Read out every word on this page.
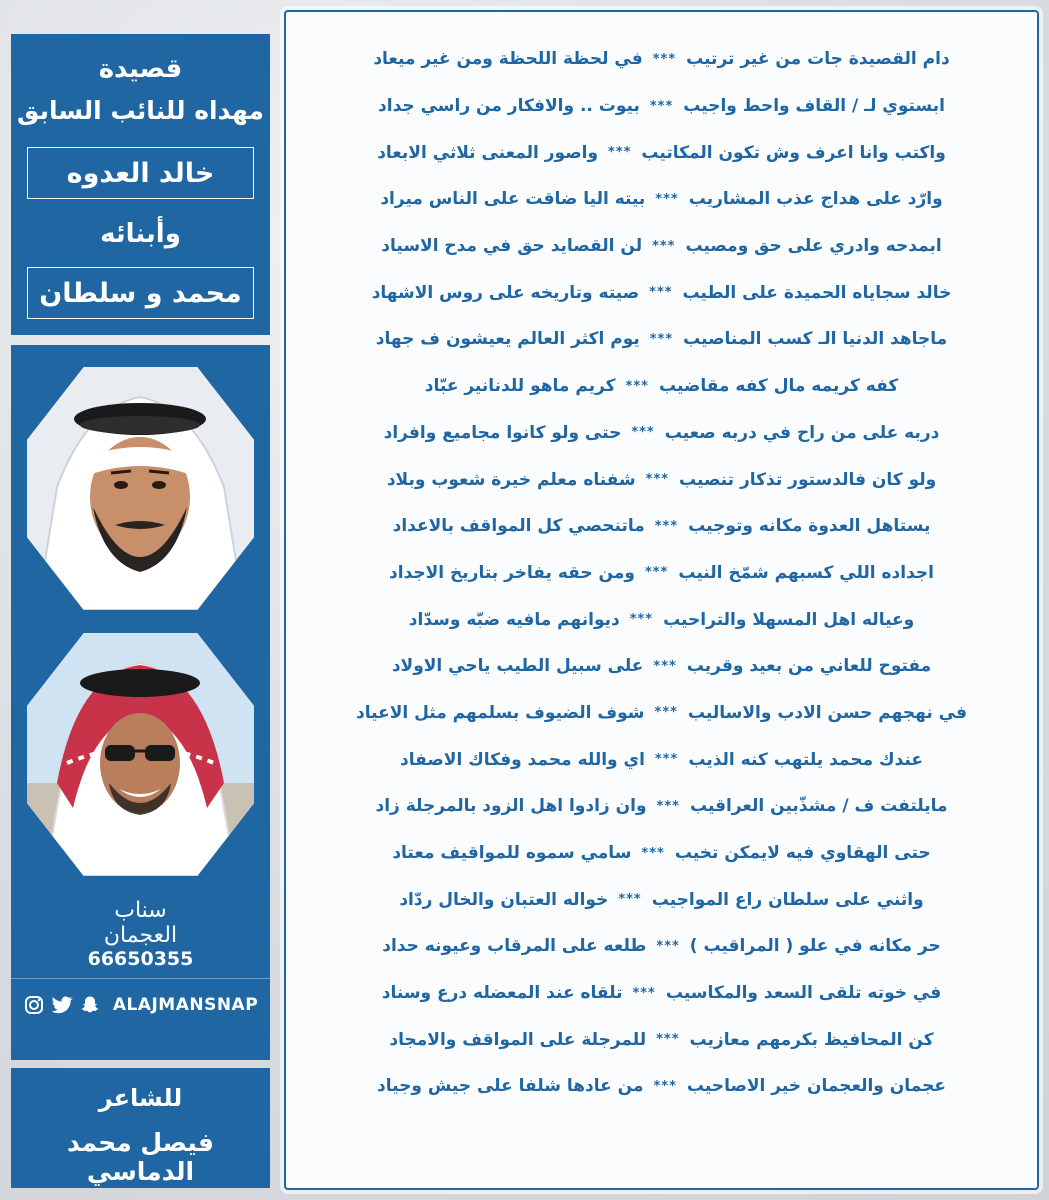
قصيدة
مهداه للنائب السابق
خالد العدوه
وأبنائه
محمد و سلطان
سناب
العجمان
66650355
ALAJMANSNAP
للشاعر
فيصل محمد الدماسي
دام القصيدة جات من غير ترتيب
***
في لحظة اللحظة ومن غير ميعاد
ابستوي لـ / القاف واحط واجيب
***
بيوت .. والافكار من راسي جداد
واكتب وانا اعرف وش تكون المكاتيب
***
واصور المعنى ثلاثي الابعاد
وارّد على هداج عذب المشاريب
***
بيته اليا ضاقت على الناس ميراد
ابمدحه وادري على حق ومصيب
***
لن القصايد حق في مدح الاسياد
خالد سجاياه الحميدة على الطيب
***
صيته وتاريخه على روس الاشهاد
ماجاهد الدنيا الـ كسب المناصيب
***
يوم اكثر العالم يعيشون ف جهاد
كفه كريمه مال كفه مقاضيب
***
كريم ماهو للدنانير عبّاد
دربه على من راح في دربه صعيب
***
حتى ولو كانوا مجاميع وافراد
ولو كان فالدستور تذكار تنصيب
***
شفناه معلم خيرة شعوب وبلاد
يستاهل العدوة مكانه وتوجيب
***
ماتنحصي كل المواقف بالاعداد
اجداده اللي كسبهم شمّخ النيب
***
ومن حقه يفاخر بتاريخ الاجداد
وعياله اهل المسهلا والتراحيب
***
ديوانهم مافيه ضبّه وسدّاد
مفتوح للعاني من بعيد وقريب
***
على سبيل الطيب ياحي الاولاد
في نهجهم حسن الادب والاساليب
***
شوف الضيوف بسلمهم مثل الاعياد
عندك محمد يلتهب كنه الذيب
***
اي والله محمد وفكاك الاصفاد
مايلتفت ف / مشذّبين العراقيب
***
وان زادوا اهل الزود بالمرجلة زاد
حتى الهقاوي فيه لايمكن تخيب
***
سامي سموه للمواقيف معتاد
واثني على سلطان راع المواجيب
***
خواله العتبان والخال ردّاد
حر مكانه في علو ( المراقيب )
***
طلعه على المرقاب وعيونه حداد
في خوته تلقى السعد والمكاسيب
***
تلقاه عند المعضله درع وسناد
كن المحافيظ بكرمهم معازيب
***
للمرجلة على المواقف والامجاد
عجمان والعجمان خير الاصاحيب
***
من عادها شلفا على جيش وجياد
